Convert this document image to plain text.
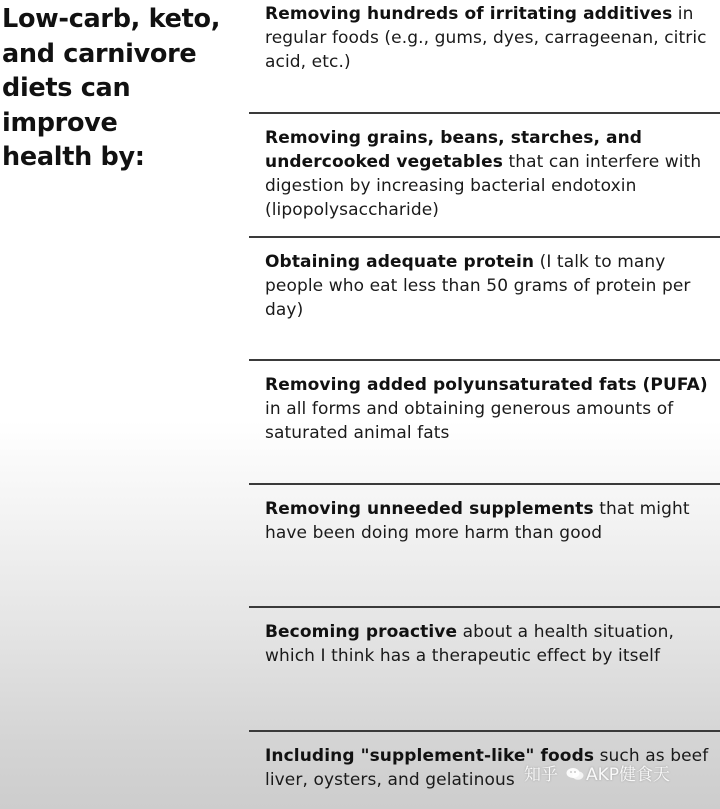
Low-carb, keto,
and carnivore
diets can improve
health by:

Removing hundreds of irritating additives in regular foods (e.g., gums, dyes, carrageenan, citric acid, etc.)

Removing grains, beans, starches, and undercooked vegetables that can interfere with digestion by increasing bacterial endotoxin (lipopolysaccharide)

Obtaining adequate protein (I talk to many people who eat less than 50 grams of protein per day)

Removing added polyunsaturated fats (PUFA) in all forms and obtaining generous amounts of saturated animal fats

Removing unneeded supplements that might have been doing more harm than good

Becoming proactive about a health situation, which I think has a therapeutic effect by itself

Including "supplement-like" foods such as beef liver, oysters, and gelatinous 知乎 AKP健食天
